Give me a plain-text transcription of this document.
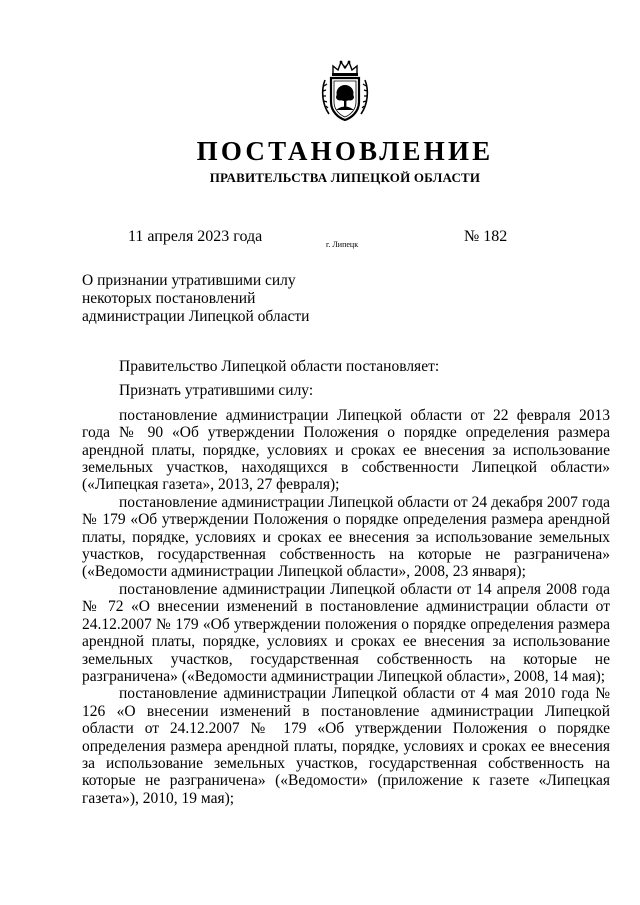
ПОСТАНОВЛЕНИЕ
ПРАВИТЕЛЬСТВА ЛИПЕЦКОЙ ОБЛАСТИ
11 апреля 2023 года	г. Липецк	№ 182
О признании утратившими силу
некоторых постановлений
администрации Липецкой области

Правительство Липецкой области постановляет:

Признать утратившими силу:

постановление администрации Липецкой области от 22 февраля 2013 года № 90 «Об утверждении Положения о порядке определения размера арендной платы, порядке, условиях и сроках ее внесения за использование земельных участков, находящихся в собственности Липецкой области» («Липецкая газета», 2013, 27 февраля);

постановление администрации Липецкой области от 24 декабря 2007 года № 179 «Об утверждении Положения о порядке определения размера арендной платы, порядке, условиях и сроках ее внесения за использование земельных участков, государственная собственность на которые не разграничена» («Ведомости администрации Липецкой области», 2008, 23 января);

постановление администрации Липецкой области от 14 апреля 2008 года № 72 «О внесении изменений в постановление администрации области от 24.12.2007 № 179 «Об утверждении положения о порядке определения размера арендной платы, порядке, условиях и сроках ее внесения за использование земельных участков, государственная собственность на которые не разграничена» («Ведомости администрации Липецкой области», 2008, 14 мая);

постановление администрации Липецкой области от 4 мая 2010 года № 126 «О внесении изменений в постановление администрации Липецкой области от 24.12.2007 № 179 «Об утверждении Положения о порядке определения размера арендной платы, порядке, условиях и сроках ее внесения за использование земельных участков, государственная собственность на которые не разграничена» («Ведомости» (приложение к газете «Липецкая газета»), 2010, 19 мая);
